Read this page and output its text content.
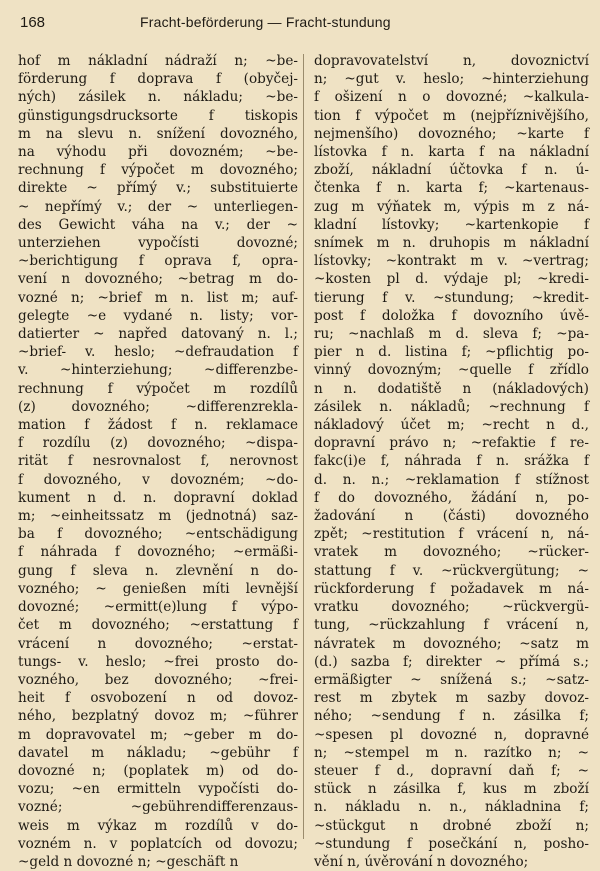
168	Fracht-beförderung — Fracht-stundung
hof m nákladní nádraží n; ~be-
förderung f doprava f (obyčej-
ných) zásilek n. nákladu; ~be-
günstigungsdrucksorte f tiskopis
m na slevu n. snížení dovozného,
na výhodu při dovozném; ~be-
rechnung f výpočet m dovozného;
direkte ~ přímý v.; substituierte
~ nepřímý v.; der ~ unterliegen-
des Gewicht váha na v.; der ~
unterziehen vypočísti dovozné;
~berichtigung f oprava f, opra-
vení n dovozného; ~betrag m do-
vozné n; ~brief m n. list m; auf-
gelegte ~e vydané n. listy; vor-
datierter ~ napřed datovaný n. l.;
~brief- v. heslo; ~defraudation f
v. ~hinterziehung; ~differenzbe-
rechnung f výpočet m rozdílů
(z) dovozného; ~differenzrekla-
mation f žádost f n. reklamace
f rozdílu (z) dovozného; ~dispa-
rität f nesrovnalost f, nerovnost
f dovozného, v dovozném; ~do-
kument n d. n. dopravní doklad
m; ~einheitssatz m (jednotná) saz-
ba f dovozného; ~entschädigung
f náhrada f dovozného; ~ermäßi-
gung f sleva n. zlevnění n do-
vozného; ~ genießen míti levnější
dovozné; ~ermitt(e)lung f výpo-
čet m dovozného; ~erstattung f
vrácení n dovozného; ~erstat-
tungs- v. heslo; ~frei prosto do-
vozného, bez dovozného; ~frei-
heit f osvobození n od dovoz-
ného, bezplatný dovoz m; ~führer
m dopravovatel m; ~geber m do-
davatel m nákladu; ~gebühr f
dovozné n; (poplatek m) od do-
vozu; ~en ermitteln vypočísti do-
vozné; ~gebührendifferenzaus-
weis m výkaz m rozdílů v do-
vozném n. v poplatcích od dovozu;
~geld n dovozné n; ~geschäft n
dopravovatelství n, dovoznictví
n; ~gut v. heslo; ~hinterziehung
f ošizení n o dovozné; ~kalkula-
tion f výpočet m (nejpříznivějšího,
nejmenšího) dovozného; ~karte f
lístovka f n. karta f na nákladní
zboží, nákladní účtovka f n. ú-
čtenka f n. karta f; ~kartenaus-
zug m výňatek m, výpis m z ná-
kladní lístovky; ~kartenkopie f
snímek m n. druhopis m nákladní
lístovky; ~kontrakt m v. ~vertrag;
~kosten pl d. výdaje pl; ~kredi-
tierung f v. ~stundung; ~kredit-
post f doložka f dovozního úvě-
ru; ~nachlaß m d. sleva f; ~pa-
pier n d. listina f; ~pflichtig po-
vinný dovozným; ~quelle f zřídlo
n n. dodatiště n (nákladových)
zásilek n. nákladů; ~rechnung f
nákladový účet m; ~recht n d.,
dopravní právo n; ~refaktie f re-
fakc(i)e f, náhrada f n. srážka f
d. n. n.; ~reklamation f stížnost
f do dovozného, žádání n, po-
žadování n (části) dovozného
zpět; ~restitution f vrácení n, ná-
vratek m dovozného; ~rücker-
stattung f v. ~rückvergütung; ~
rückforderung f požadavek m ná-
vratku dovozného; ~rückvergü-
tung, ~rückzahlung f vrácení n,
návratek m dovozného; ~satz m
(d.) sazba f; direkter ~ přímá s.;
ermäßigter ~ snížená s.; ~satz-
rest m zbytek m sazby dovoz-
ného; ~sendung f n. zásilka f;
~spesen pl dovozné n, dopravné
n; ~stempel m n. razítko n; ~
steuer f d., dopravní daň f; ~
stück n zásilka f, kus m zboží
n. nákladu n. n., nákladnina f;
~stückgut n drobné zboží n;
~stundung f posečkání n, posho-
vění n, úvěrování n dovozného;
